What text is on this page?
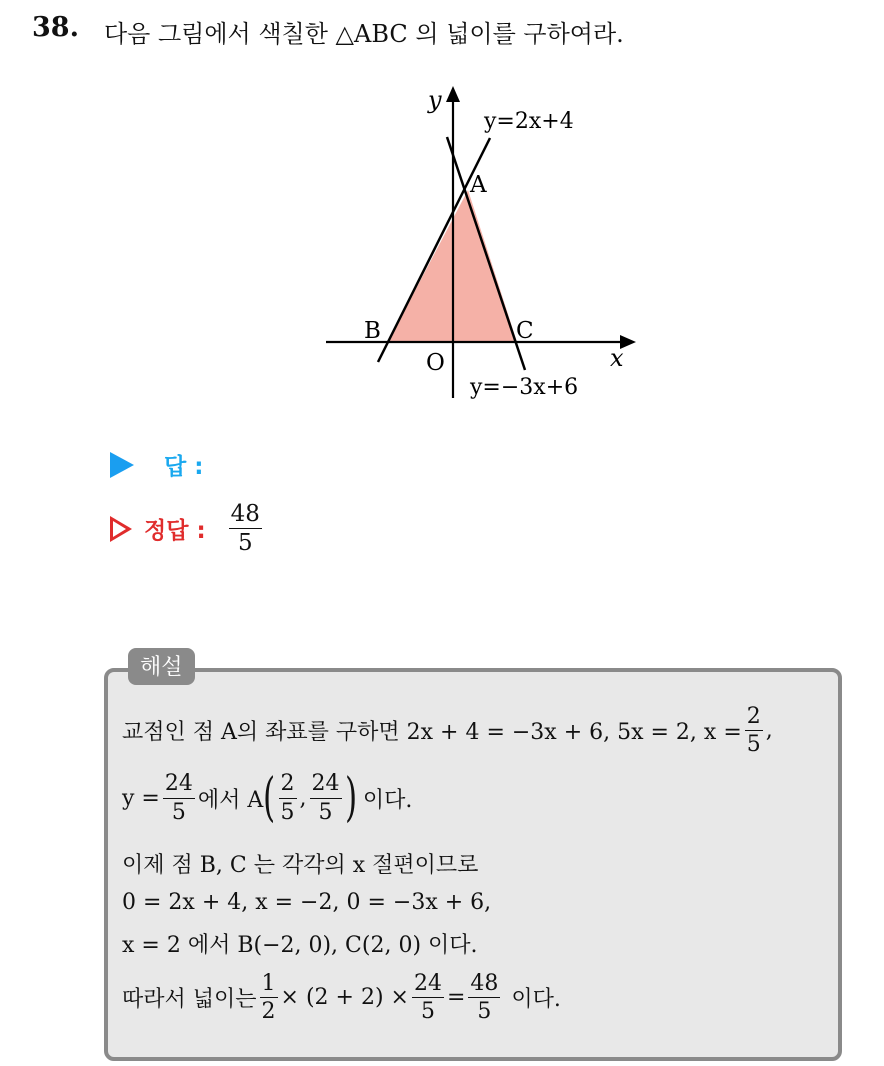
38. 다음 그림에서 색칠한 △ABC 의 넓이를 구하여라.
y
x
O
A
B	C
y=2x+4
y=−3x+6
답 :
정답 : $\frac{48}{5}$
해설
교점인 점 A의 좌표를 구하면 2x + 4 = −3x + 6, 5x = 2, $x = \frac{2}{5}$ ,
$y = \frac{24}{5}$ 에서 A ( $\frac{2}{5}$ , $\frac{24}{5}$ ) 이다.
이제 점 B, C 는 각각의 x 절편이므로
0 = 2x + 4, x = −2, 0 = −3x + 6,
x = 2 에서 B(−2, 0), C(2, 0) 이다.
따라서 넓이는 $\frac{1}{2} \times (2 + 2) \times \frac{24}{5} = \frac{48}{5}$ 이다.
